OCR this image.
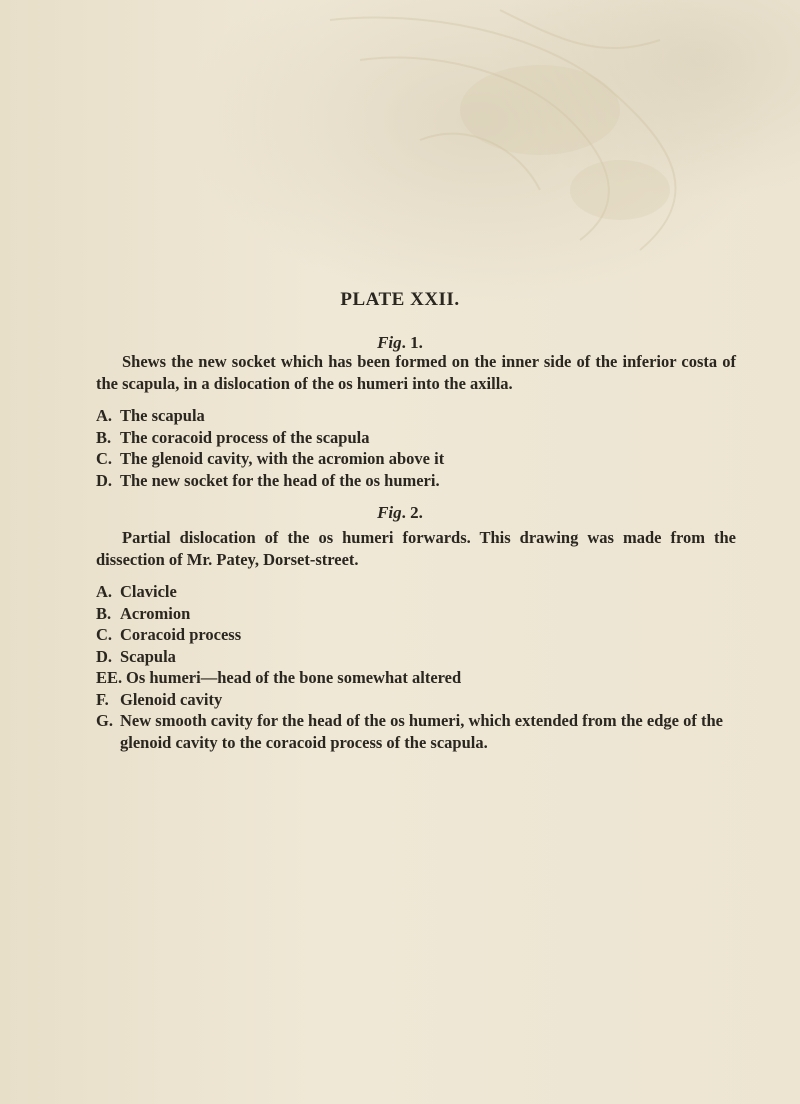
PLATE XXII.
Fig. 1.
Shews the new socket which has been formed on the inner side of the inferior costa of the scapula, in a dislocation of the os humeri into the axilla.
A. The scapula
B. The coracoid process of the scapula
C. The glenoid cavity, with the acromion above it
D. The new socket for the head of the os humeri.
Fig. 2.
Partial dislocation of the os humeri forwards. This drawing was made from the dissection of Mr. Patey, Dorset-street.
A. Clavicle
B. Acromion
C. Coracoid process
D. Scapula
EE. Os humeri—head of the bone somewhat altered
F. Glenoid cavity
G. New smooth cavity for the head of the os humeri, which extended from the edge of the glenoid cavity to the coracoid process of the scapula.
